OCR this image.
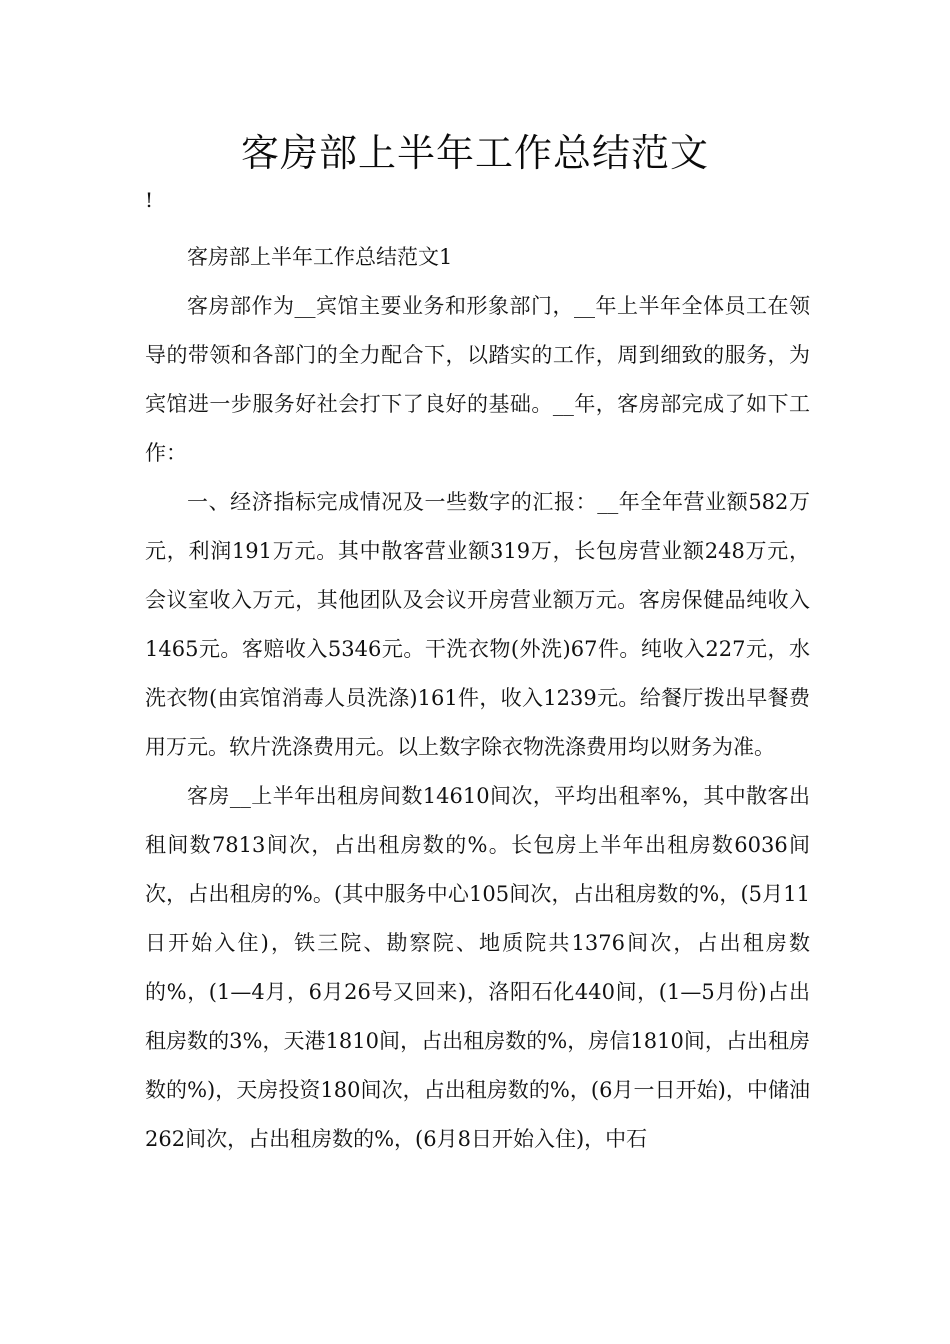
客房部上半年工作总结范文
!

客房部上半年工作总结范文1

客房部作为__宾馆主要业务和形象部门，__年上半年全体员工在领导的带领和各部门的全力配合下，以踏实的工作，周到细致的服务，为宾馆进一步服务好社会打下了良好的基础。__年，客房部完成了如下工作：

一、经济指标完成情况及一些数字的汇报：__年全年营业额582万元，利润191万元。其中散客营业额319万，长包房营业额248万元，会议室收入万元，其他团队及会议开房营业额万元。客房保健品纯收入1465元。客赔收入5346元。干洗衣物(外洗)67件。纯收入227元，水洗衣物(由宾馆消毒人员洗涤)161件，收入1239元。给餐厅拨出早餐费用万元。软片洗涤费用元。以上数字除衣物洗涤费用均以财务为准。

客房__上半年出租房间数14610间次，平均出租率%，其中散客出租间数7813间次，占出租房数的%。长包房上半年出租房数6036间次，占出租房的%。(其中服务中心105间次，占出租房数的%，(5月11日开始入住)，铁三院、勘察院、地质院共1376间次，占出租房数的%，(1—4月，6月26号又回来)，洛阳石化440间，(1—5月份)占出租房数的3%，天港1810间，占出租房数的%，房信1810间，占出租房数的%)，天房投资180间次，占出租房数的%，(6月一日开始)，中储油262间次，占出租房数的%，(6月8日开始入住)，中石
